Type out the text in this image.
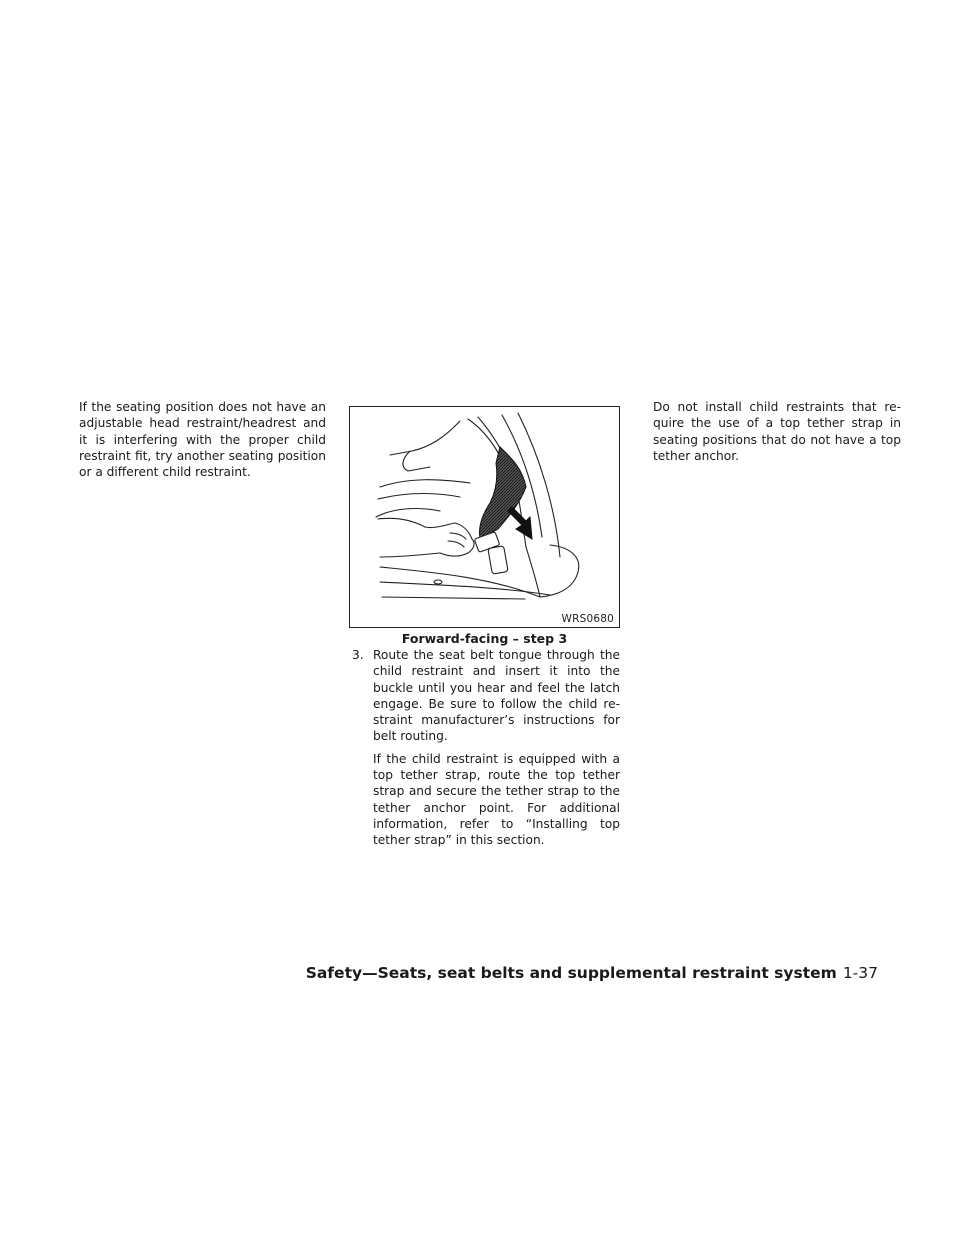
If the seating position does not have an adjustable head restraint/headrest and it is interfering with the proper child restraint fit, try another seating position or a different child restraint.

WRS0680
Forward-facing – step 3
3. Route the seat belt tongue through the child restraint and insert it into the buckle until you hear and feel the latch engage. Be sure to follow the child restraint manufacturer’s instructions for belt routing.
If the child restraint is equipped with a top tether strap, route the top tether strap and secure the tether strap to the tether anchor point. For additional information, refer to “Installing top tether strap” in this section.

Do not install child restraints that require the use of a top tether strap in seating positions that do not have a top tether anchor.

Safety—Seats, seat belts and supplemental restraint system 1-37
